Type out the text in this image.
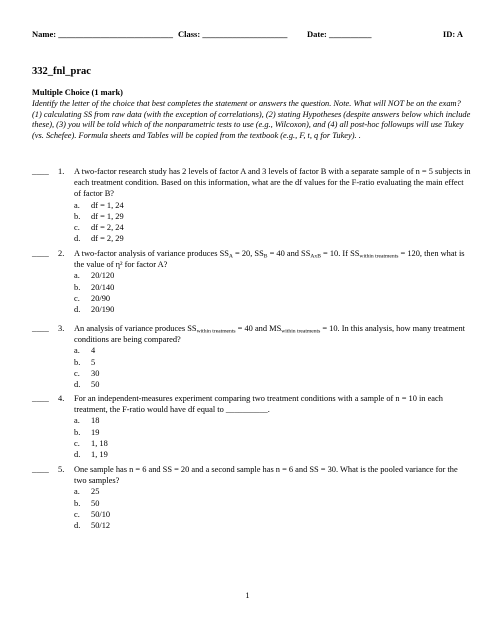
Name: ___________________________ Class: ____________________ Date: __________	ID: A
332_fnl_prac
Multiple Choice (1 mark)
Identify the letter of the choice that best completes the statement or answers the question. Note. What will NOT be on the exam? (1) calculating SS from raw data (with the exception of correlations), (2) stating Hypotheses (despite answers below which include these), (3) you will be told which of the nonparametric tests to use (e.g., Wilcoxon), and (4) all post-hoc followups will use Tukey (vs. Schefee). Formula sheets and Tables will be copied from the textbook (e.g., F, t, q for Tukey). .
____ 1. A two-factor research study has 2 levels of factor A and 3 levels of factor B with a separate sample of n = 5 subjects in each treatment condition. Based on this information, what are the df values for the F-ratio evaluating the main effect of factor B?
a. df = 1, 24
b. df = 1, 29
c. df = 2, 24
d. df = 2, 29
____ 2. A two-factor analysis of variance produces $SS_A = 20$, $SS_B = 40$ and $SS_{AxB} = 10$. If $SS_{within treatments} = 120$, then what is the value of η² for factor A?
a. 20/120
b. 20/140
c. 20/90
d. 20/190
____ 3. An analysis of variance produces $SS_{within treatments} = 40$ and $MS_{within treatments} = 10$. In this analysis, how many treatment conditions are being compared?
a. 4
b. 5
c. 30
d. 50
____ 4. For an independent-measures experiment comparing two treatment conditions with a sample of n = 10 in each treatment, the F-ratio would have df equal to __________.
a. 18
b. 19
c. 1, 18
d. 1, 19
____ 5. One sample has n = 6 and SS = 20 and a second sample has n = 6 and SS = 30. What is the pooled variance for the two samples?
a. 25
b. 50
c. 50/10
d. 50/12
1
